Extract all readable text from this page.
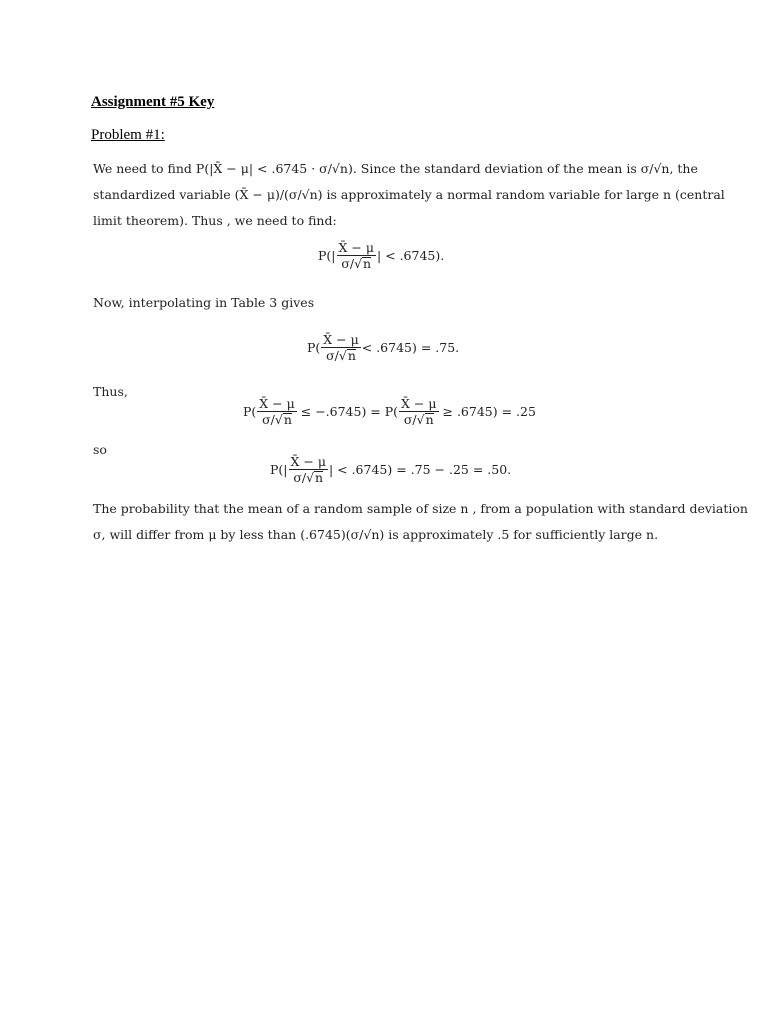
Assignment #5 Key
Problem #1:

We need to find P(|X̄ − μ| < .6745 · σ/√n). Since the standard deviation of the mean is σ/√n, the
standardized variable (X̄ − μ)/(σ/√n) is approximately a normal random variable for large n (central
limit theorem). Thus , we need to find:

$P(| \frac{X̄ - \mu}{\sigma/√n}$ | < .6745).

Now, interpolating in Table 3 gives

$P( \frac{X̄ - \mu}{\sigma/√n} < .6745) = .75$.

Thus,

$P( \frac{X̄ - \mu}{\sigma/√n} \le -.6745) = P( \frac{X̄ - \mu}{\sigma/√n} \ge .6745) = .25$

so

$P(| \frac{X̄ - \mu}{\sigma/√n}$ | < .6745) = .75 − .25 = .50.

The probability that the mean of a random sample of size n , from a population with standard deviation
σ, will differ from μ by less than (.6745)(σ/√n) is approximately .5 for sufficiently large n.
